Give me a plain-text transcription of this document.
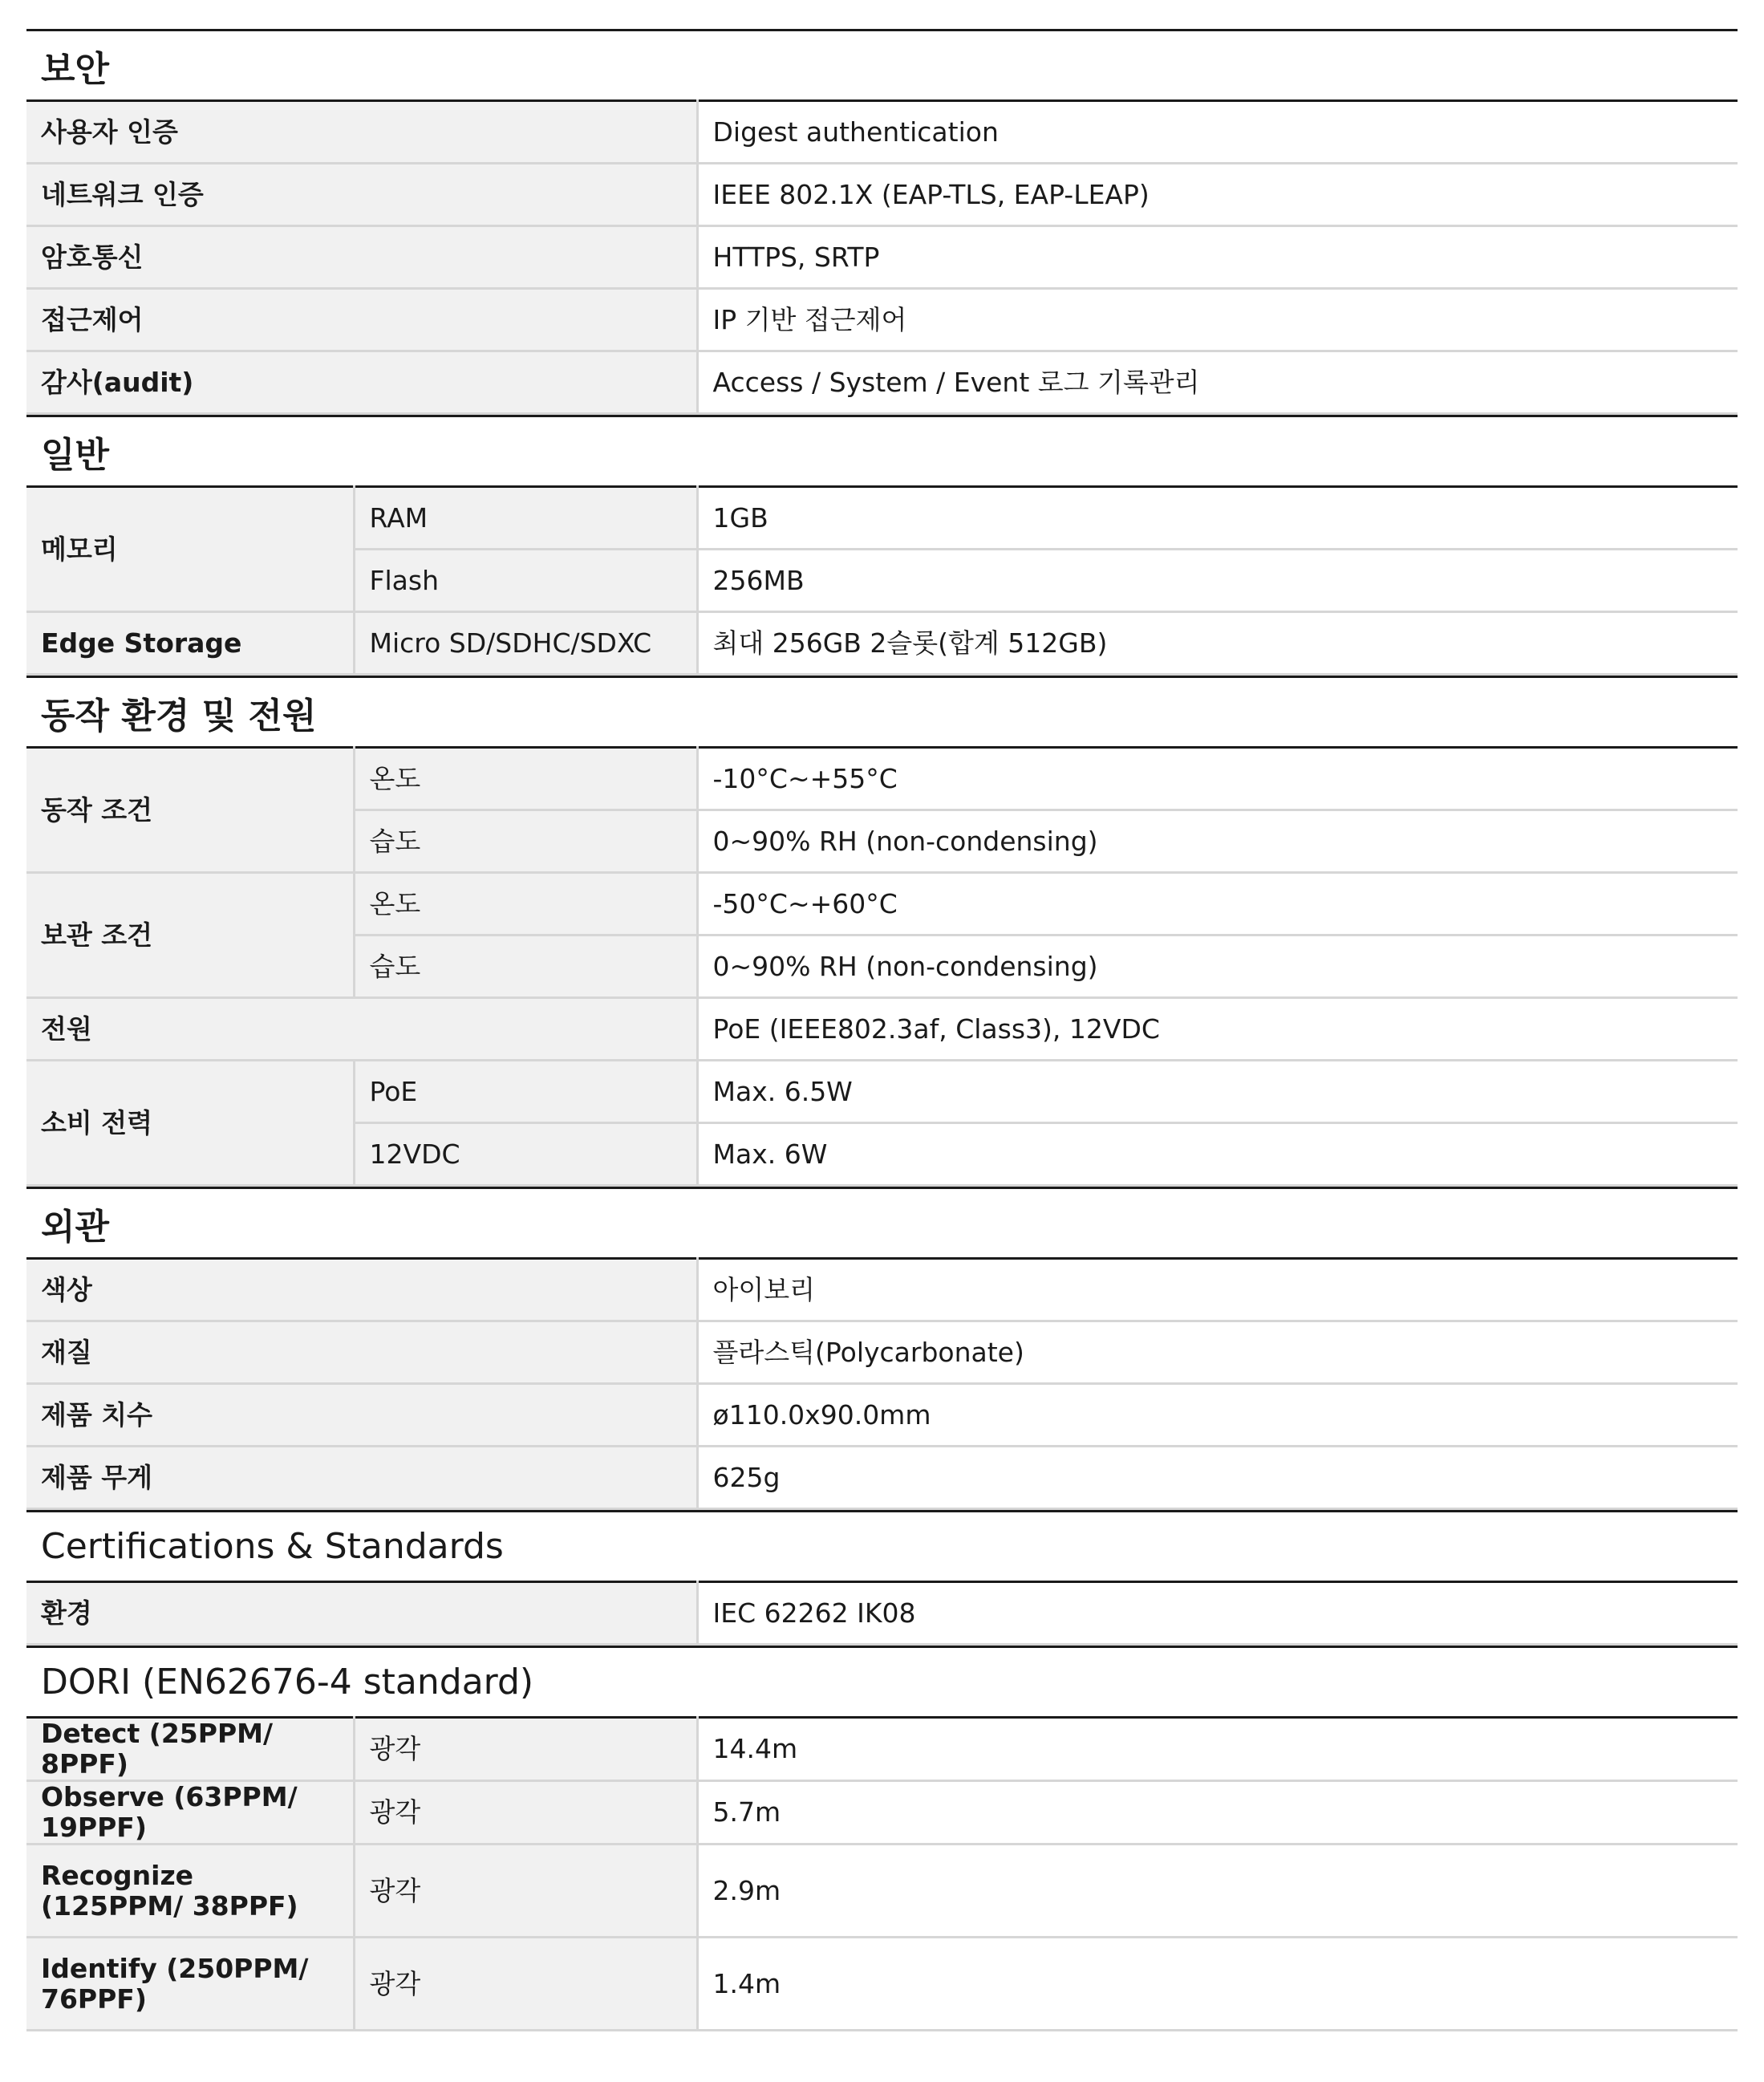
보안
사용자 인증	Digest authentication
네트워크 인증	IEEE 802.1X (EAP-TLS, EAP-LEAP)
암호통신	HTTPS, SRTP
접근제어	IP 기반 접근제어
감사(audit)	Access / System / Event 로그 기록관리
일반
메모리	RAM	1GB
	Flash	256MB
Edge Storage	Micro SD/SDHC/SDXC	최대 256GB 2슬롯(합계 512GB)
동작 환경 및 전원
동작 조건	온도	-10°C~+55°C
	습도	0~90% RH (non-condensing)
보관 조건	온도	-50°C~+60°C
	습도	0~90% RH (non-condensing)
전원		PoE (IEEE802.3af, Class3), 12VDC
소비 전력	PoE	Max. 6.5W
	12VDC	Max. 6W
외관
색상	아이보리
재질	플라스틱(Polycarbonate)
제품 치수	ø110.0x90.0mm
제품 무게	625g
Certifications & Standards
환경	IEC 62262 IK08
DORI (EN62676-4 standard)
Detect (25PPM/ 8PPF)	광각	14.4m
Observe (63PPM/ 19PPF)	광각	5.7m
Recognize (125PPM/ 38PPF)	광각	2.9m
Identify (250PPM/ 76PPF)	광각	1.4m
